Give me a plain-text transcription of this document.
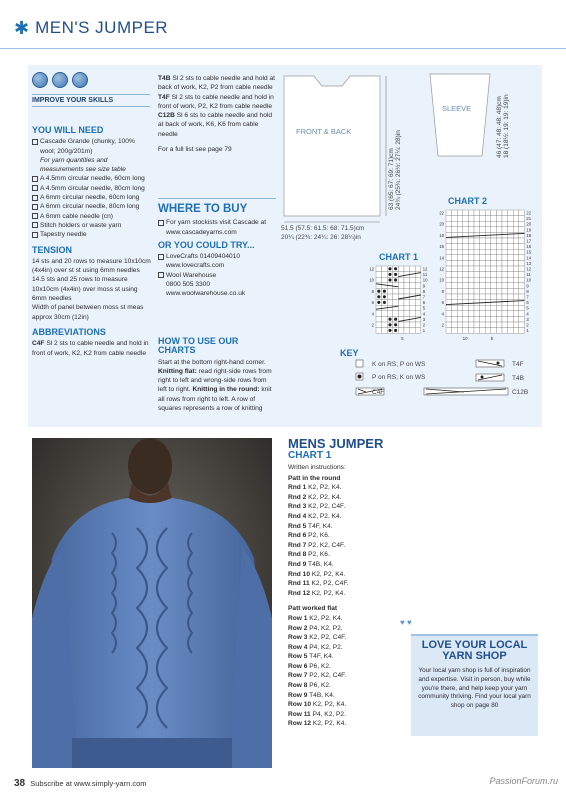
✱ MEN'S JUMPER
IMPROVE YOUR SKILLS
YOU WILL NEED
Cascade Grande (chunky, 100% wool; 200g/201m)
For yarn quantities and measurements see size table
A 4.5mm circular needle, 60cm long
A 4.5mm circular needle, 80cm long
A 6mm circular needle, 60cm long
A 6mm circular needle, 80cm long
A 6mm cable needle (cn)
Stitch holders or waste yarn
Tapestry needle
TENSION
14 sts and 20 rows to measure 10x10cm (4x4in) over st st using 6mm needles
14.5 sts and 25 rows to measure 10x10cm (4x4in) over moss st using 6mm needles
Width of panel between moss st meas approx 30cm (12in)
ABBREVIATIONS
C4F Sl 2 sts to cable needle and hold in front of work, K2, K2 from cable needle
T4B Sl 2 sts to cable needle and hold at back of work, K2, P2 from cable needle
T4F Sl 2 sts to cable needle and hold in front of work, P2, K2 from cable needle
C12B Sl 6 sts to cable needle and hold at back of work, K6, K6 from cable needle
For a full list see page 79
WHERE TO BUY
For yarn stockists visit Cascade at
www.cascadeyarns.com
OR YOU COULD TRY...
LoveCrafts 01409404010
www.lovecrafts.com
Wool Warehouse
0800 505 3300
www.woolwarehouse.co.uk
HOW TO USE OUR CHARTS
Start at the bottom right-hand corner. Knitting flat: read right-side rows from right to left and wrong-side rows from left to right. Knitting in the round: knit all rows from right to left. A row of squares represents a row of knitting
FRONT & BACK
51.5 (57.5: 61.5: 68: 71.5)cm
20¼ (22¾: 24¼: 26: 28¼)in
63 (65: 67: 69: 71)cm 24¾ (25¾: 26½: 27¼: 28)in
SLEEVE	46 (47: 48: 48: 48)cm 18 (18½: 19: 19: 19)in
CHART 2
22
21
20
19
18
17
16
15
14
13
12
11
10
9
8
7
6
5
4
3
2
1
22
20
18
16
14
12
10
8
6
4
2
10	5
CHART 1
12
11
10
9
8
7
6
5
4
3
2
1
12
10
8
6
4
2
5
KEY
K on RS; P on WS
P on RS; K on WS
C4F
T4F
T4B
C12B
MENS JUMPER
CHART 1
Written instructions:
Patt in the round
Rnd 1 K2, P2, K4.
Rnd 2 K2, P2, K4.
Rnd 3 K2, P2, C4F.
Rnd 4 K2, P2, K4.
Rnd 5 T4F, K4.
Rnd 6 P2, K6.
Rnd 7 P2, K2, C4F.
Rnd 8 P2, K6.
Rnd 9 T4B, K4.
Rnd 10 K2, P2, K4.
Rnd 11 K2, P2, C4F.
Rnd 12 K2, P2, K4.
Patt worked flat
Row 1 K2, P2, K4.
Row 2 P4, K2, P2.
Row 3 K2, P2, C4F.
Row 4 P4, K2, P2.
Row 5 T4F, K4.
Row 6 P6, K2.
Row 7 P2, K2, C4F.
Row 8 P6, K2.
Row 9 T4B, K4.
Row 10 K2, P2, K4.
Row 11 P4, K2, P2.
Row 12 K2, P2, K4.
♥ ♥
LOVE YOUR LOCAL YARN SHOP
Your local yarn shop is full of inspiration and expertise. Visit in person, buy while you're there, and help keep your yarn community thriving. Find your local yarn shop on page 80
38 Subscribe at www.simply-yarn.com	PassionForum.ru
